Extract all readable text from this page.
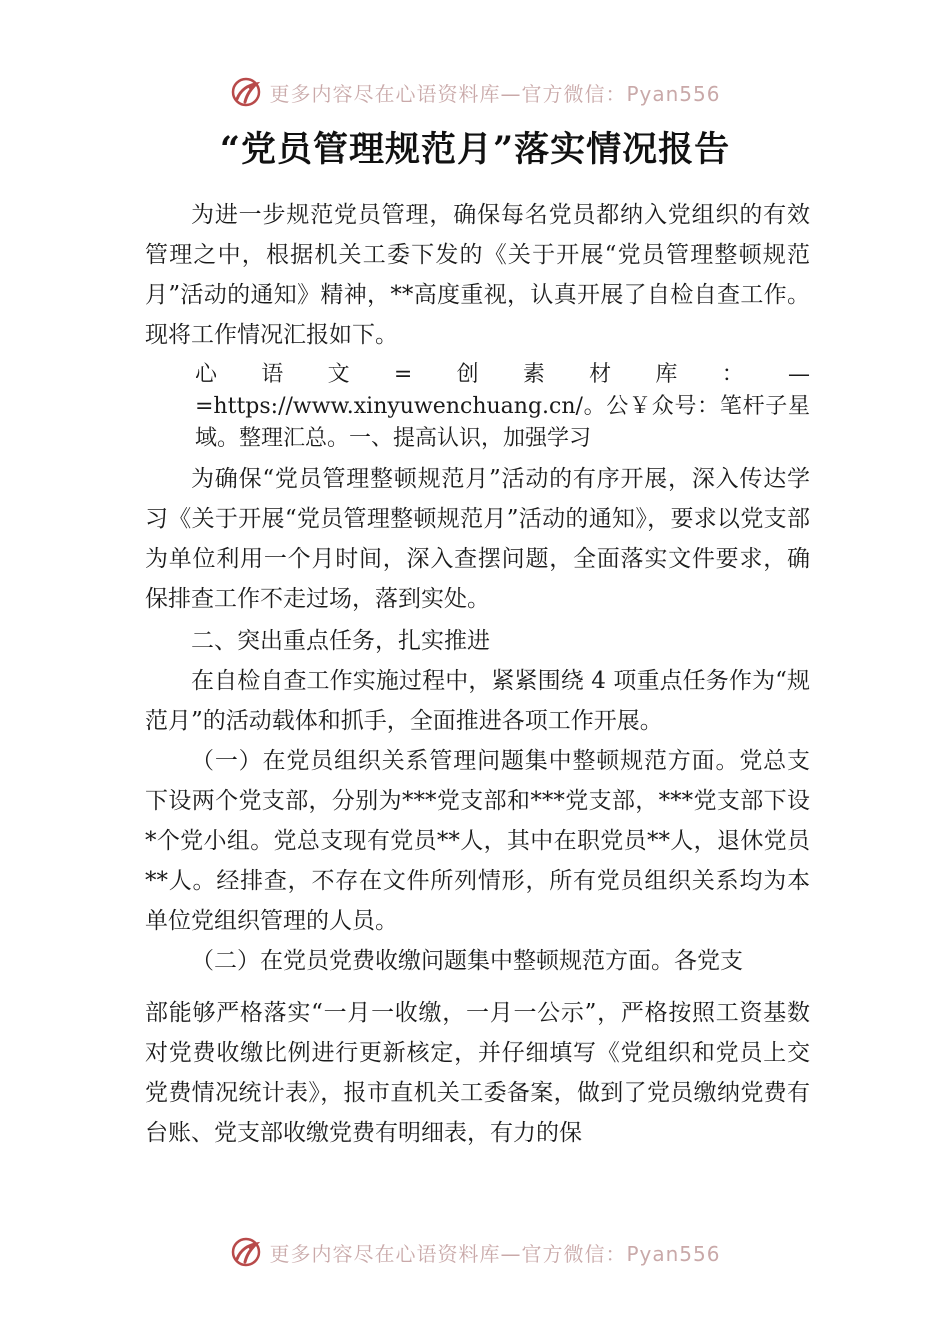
更多内容尽在心语资料库—官方微信：Pyan556
“党员管理规范月”落实情况报告

为进一步规范党员管理，确保每名党员都纳入党组织的有效管理之中，根据机关工委下发的《关于开展“党员管理整顿规范月”活动的通知》精神，**高度重视，认真开展了自检自查工作。现将工作情况汇报如下。

心语文=创素材库：—=https://www.xinyuwenchuang.cn/。公￥众号：笔杆子星域。整理汇总。一、提高认识，加强学习

为确保“党员管理整顿规范月”活动的有序开展，深入传达学习《关于开展“党员管理整顿规范月”活动的通知》，要求以党支部为单位利用一个月时间，深入查摆问题，全面落实文件要求，确保排查工作不走过场，落到实处。

二、突出重点任务，扎实推进

在自检自查工作实施过程中，紧紧围绕 4 项重点任务作为“规范月”的活动载体和抓手，全面推进各项工作开展。

（一）在党员组织关系管理问题集中整顿规范方面。党总支下设两个党支部，分别为***党支部和***党支部，***党支部下设*个党小组。党总支现有党员**人，其中在职党员**人，退休党员**人。经排查，不存在文件所列情形，所有党员组织关系均为本单位党组织管理的人员。

（二）在党员党费收缴问题集中整顿规范方面。各党支

部能够严格落实“一月一收缴，一月一公示”，严格按照工资基数对党费收缴比例进行更新核定，并仔细填写《党组织和党员上交党费情况统计表》，报市直机关工委备案，做到了党员缴纳党费有台账、党支部收缴党费有明细表，有力的保

更多内容尽在心语资料库—官方微信：Pyan556
